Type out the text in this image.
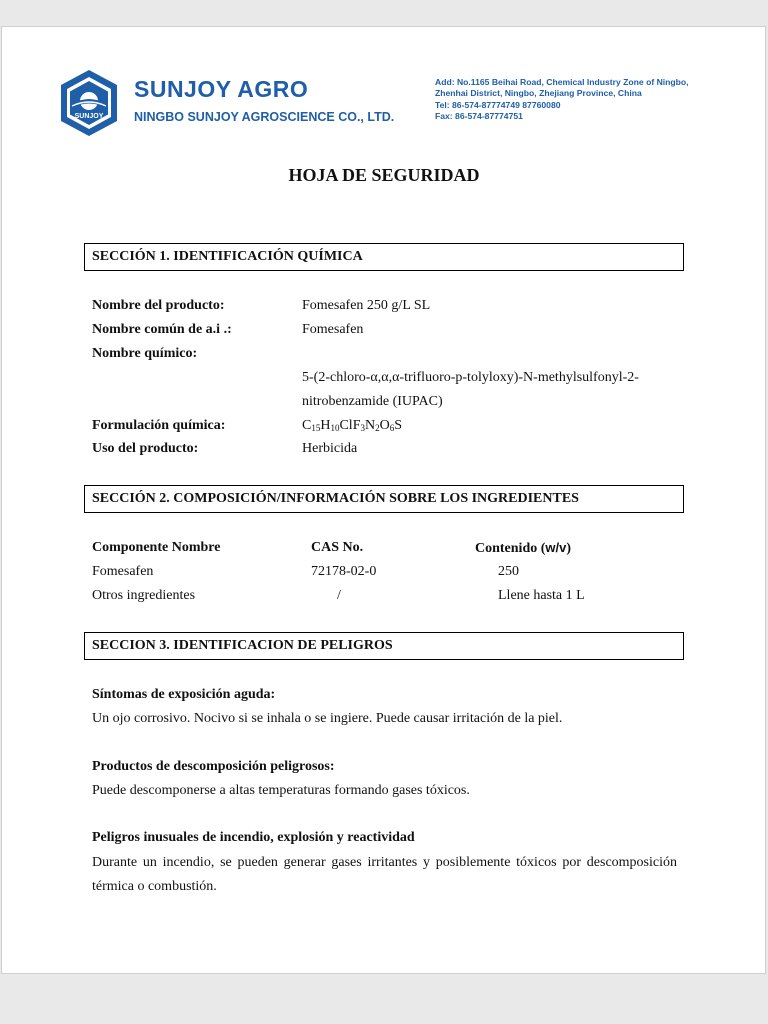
SUNJOY
SUNJOY AGRO
NINGBO SUNJOY AGROSCIENCE CO., LTD.
Add: No.1165 Beihai Road, Chemical Industry Zone of Ningbo,
Zhenhai District, Ningbo, Zhejiang Province, China
Tel: 86-574-87774749 87760080
Fax: 86-574-87774751
HOJA DE SEGURIDAD
SECCIÓN 1. IDENTIFICACIÓN QUÍMICA
Nombre del producto:	Fomesafen 250 g/L SL
Nombre común de a.i .:	Fomesafen
Nombre químico:
5-(2-chloro-α,α,α-trifluoro-p-tolyloxy)-N-methylsulfonyl-2-
nitrobenzamide (IUPAC)
Formulación química:	$C_{15}H_{10}ClF_3N_2O_6S$
Uso del producto:	Herbicida
SECCIÓN 2. COMPOSICIÓN/INFORMACIÓN SOBRE LOS INGREDIENTES
Componente Nombre	CAS No.	Contenido (w/v)
Fomesafen	72178-02-0	250
Otros ingredientes	/	Llene hasta 1 L
SECCION 3. IDENTIFICACION DE PELIGROS
Síntomas de exposición aguda:
Un ojo corrosivo. Nocivo si se inhala o se ingiere. Puede causar irritación de la piel.
Productos de descomposición peligrosos:
Puede descomponerse a altas temperaturas formando gases tóxicos.
Peligros inusuales de incendio, explosión y reactividad
Durante un incendio, se pueden generar gases irritantes y posiblemente tóxicos por descomposición térmica o combustión.
